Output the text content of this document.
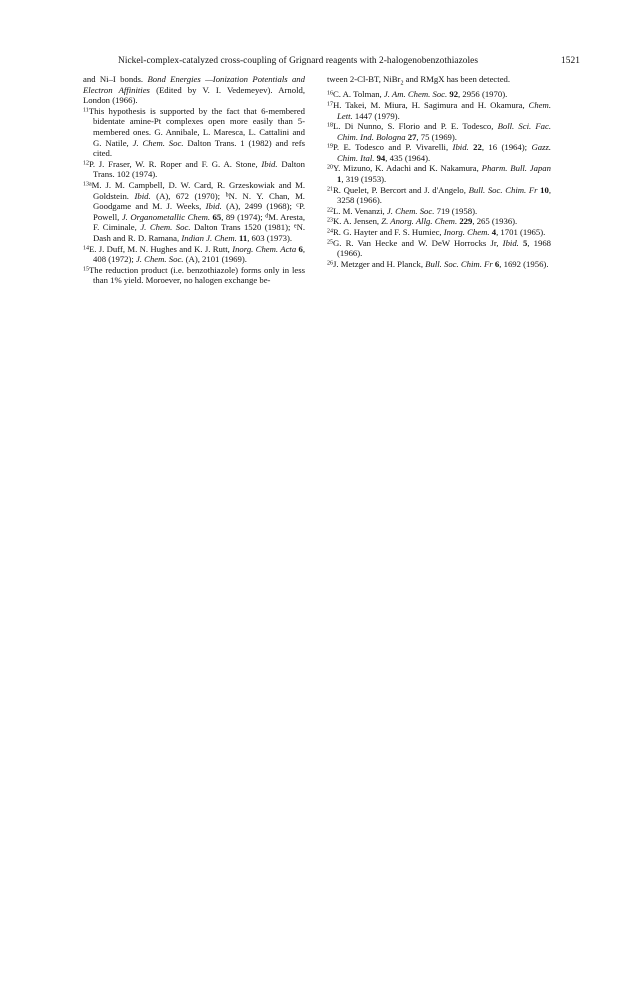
Nickel-complex-catalyzed cross-coupling of Grignard reagents with 2-halogenobenzothiazoles	1521

and Ni–I bonds. Bond Energies —Ionization Potentials and Electron Affinities (Edited by V. I. Vedemeyev). Arnold, London (1966).

$^{11}$This hypothesis is supported by the fact that 6-membered bidentate amine-Pt complexes open more easily than 5-membered ones. G. Annibale, L. Maresca, L. Cattalini and G. Natile, J. Chem. Soc. Dalton Trans. 1 (1982) and refs cited.

$^{12}$P. J. Fraser, W. R. Roper and F. G. A. Stone, Ibid. Dalton Trans. 102 (1974).

$^{13a}$M. J. M. Campbell, D. W. Card, R. Grzeskowiak and M. Goldstein. Ibid. (A), 672 (1970); $^b$N. N. Y. Chan, M. Goodgame and M. J. Weeks, Ibid. (A), 2499 (1968); $^c$P. Powell, J. Organometallic Chem. 65, 89 (1974); $^d$M. Aresta, F. Ciminale, J. Chem. Soc. Dalton Trans 1520 (1981); $^e$N. Dash and R. D. Ramana, Indian J. Chem. 11, 603 (1973).

$^{14}$E. J. Duff, M. N. Hughes and K. J. Rutt, Inorg. Chem. Acta 6, 408 (1972); J. Chem. Soc. (A), 2101 (1969).

$^{15}$The reduction product (i.e. benzothiazole) forms only in less than 1% yield. Moroever, no halogen exchange be-

tween 2-Cl-BT, NiBr$_2$ and RMgX has been detected.

$^{16}$C. A. Tolman, J. Am. Chem. Soc. 92, 2956 (1970).

$^{17}$H. Takei, M. Miura, H. Sagimura and H. Okamura, Chem. Lett. 1447 (1979).

$^{18}$L. Di Nunno, S. Florio and P. E. Todesco, Boll. Sci. Fac. Chim. Ind. Bologna 27, 75 (1969).

$^{19}$P. E. Todesco and P. Vivarelli, Ibid. 22, 16 (1964); Gazz. Chim. Ital. 94, 435 (1964).

$^{20}$Y. Mizuno, K. Adachi and K. Nakamura, Pharm. Bull. Japan 1, 319 (1953).

$^{21}$R. Quelet, P. Bercort and J. d'Angelo, Bull. Soc. Chim. Fr 10, 3258 (1966).

$^{22}$L. M. Venanzi, J. Chem. Soc. 719 (1958).

$^{23}$K. A. Jensen, Z. Anorg. Allg. Chem. 229, 265 (1936).

$^{24}$R. G. Hayter and F. S. Humiec, Inorg. Chem. 4, 1701 (1965).

$^{25}$G. R. Van Hecke and W. DeW Horrocks Jr, Ibid. 5, 1968 (1966).

$^{26}$J. Metzger and H. Planck, Bull. Soc. Chim. Fr 6, 1692 (1956).
